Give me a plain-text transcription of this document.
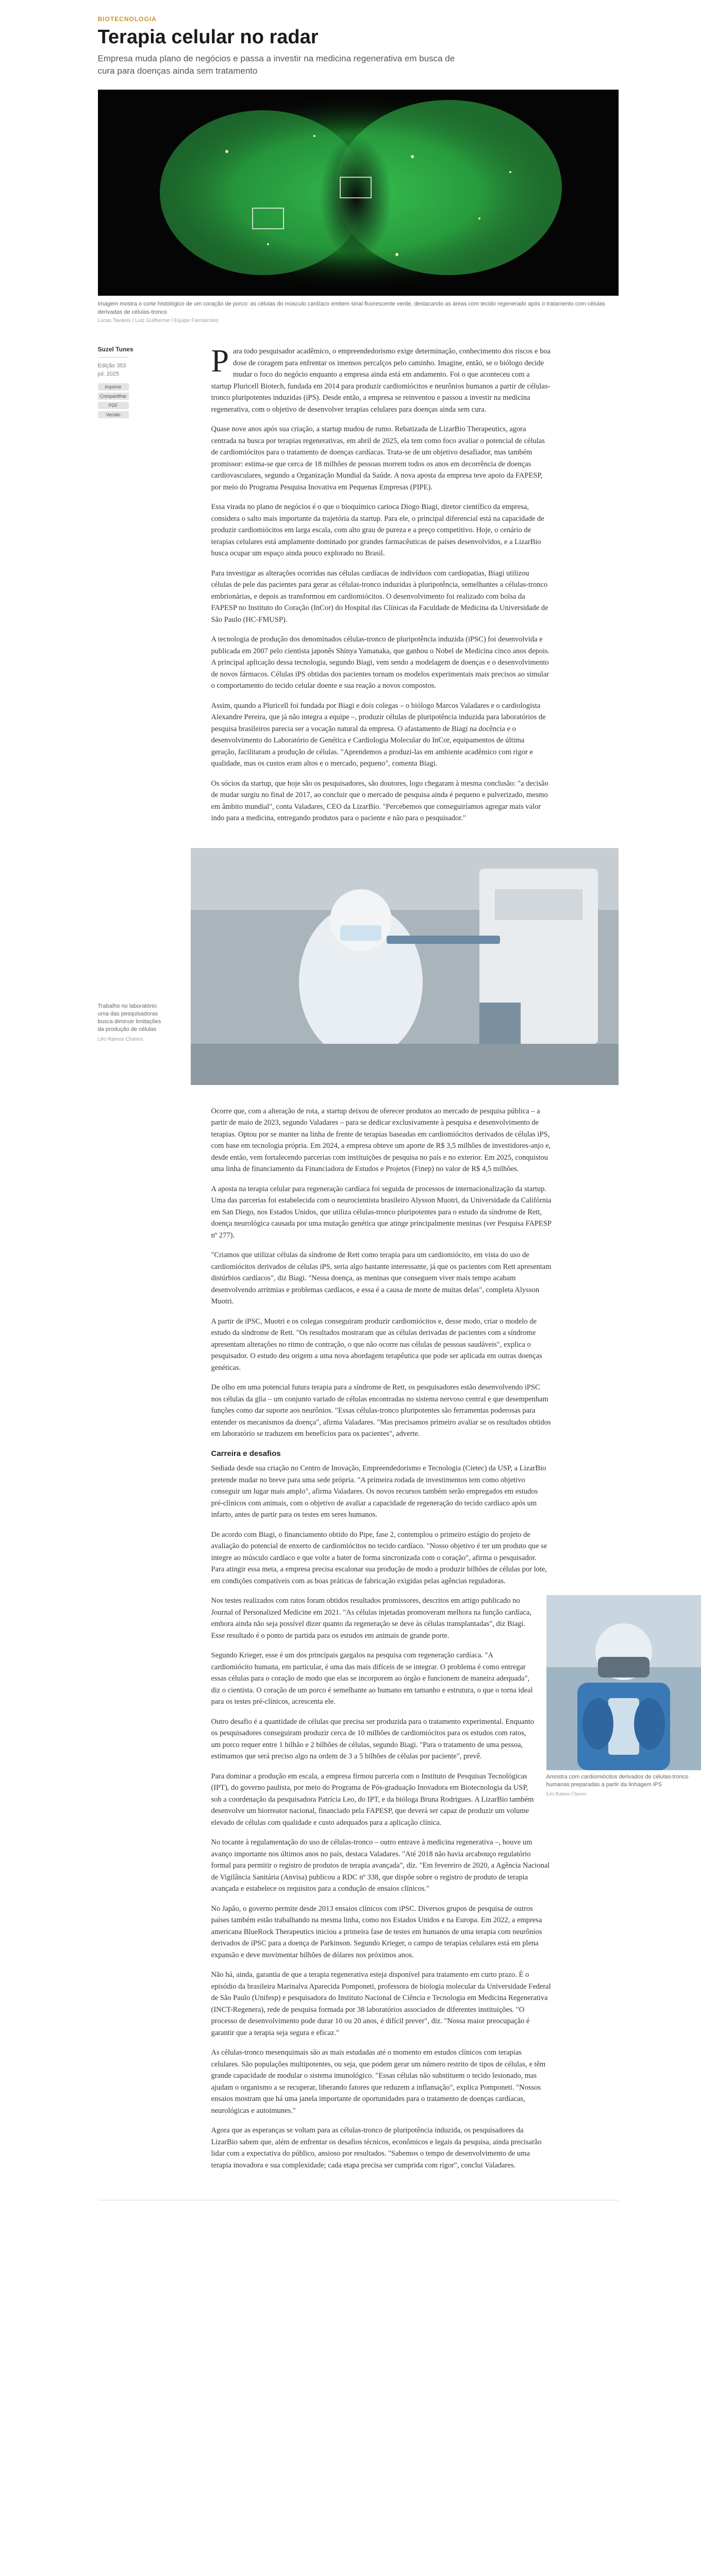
BIOTECNOLOGIA
Terapia celular no radar
Empresa muda plano de negócios e passa a investir na medicina regenerativa em busca de cura para doenças ainda sem tratamento
Imagem mostra o corte histológico de um coração de porco: as células do músculo cardíaco emitem sinal fluorescente verde, destacando as áreas com tecido regenerado após o tratamento com células derivadas de células-tronco
Lucas Tavares / Luiz Guilherme / Equipe Farmacotec
Suzel Tunes
Edição 353
jul. 2025
Imprimir
Compartilhar
PDF
Versão

Para todo pesquisador acadêmico, o empreendedorismo exige determinação, conhecimento dos riscos e boa dose de coragem para enfrentar os imensos percalços pelo caminho. Imagine, então, se o biólogo decide mudar o foco do negócio enquanto a empresa ainda está em andamento. Foi o que aconteceu com a startup Pluricell Biotech, fundada em 2014 para produzir cardiomiócitos e neurônios humanos a partir de células-tronco pluripotentes induzidas (iPS). Desde então, a empresa se reinventou e passou a investir na medicina regenerativa, com o objetivo de desenvolver terapias celulares para doenças ainda sem cura.

Quase nove anos após sua criação, a startup mudou de rumo. Rebatizada de LizarBio Therapeutics, agora centrada na busca por terapias regenerativas, em abril de 2025, ela tem como foco avaliar o potencial de células de cardiomiócitos para o tratamento de doenças cardíacas. Trata-se de um objetivo desafiador, mas também promissor: estima-se que cerca de 18 milhões de pessoas morrem todos os anos em decorrência de doenças cardiovasculares, segundo a Organização Mundial da Saúde. A nova aposta da empresa teve apoio da FAPESP, por meio do Programa Pesquisa Inovativa em Pequenas Empresas (PIPE).

Essa virada no plano de negócios é o que o bioquímico carioca Diogo Biagi, diretor científico da empresa, considera o salto mais importante da trajetória da startup. Para ele, o principal diferencial está na capacidade de produzir cardiomiócitos em larga escala, com alto grau de pureza e a preço competitivo. Hoje, o cenário de terapias celulares está amplamente dominado por grandes farmacêuticas de países desenvolvidos, e a LizarBio busca ocupar um espaço ainda pouco explorado no Brasil.

Para investigar as alterações ocorridas nas células cardíacas de indivíduos com cardiopatias, Biagi utilizou células de pele das pacientes para gerar as células-tronco induzidas à pluripotência, semelhantes a células-tronco embrionárias, e depois as transformou em cardiomiócitos. O desenvolvimento foi realizado com bolsa da FAPESP no Instituto do Coração (InCor) do Hospital das Clínicas da Faculdade de Medicina da Universidade de São Paulo (HC-FMUSP).

A tecnologia de produção dos denominados células-tronco de pluripotência induzida (iPSC) foi desenvolvida e publicada em 2007 pelo cientista japonês Shinya Yamanaka, que ganhou o Nobel de Medicina cinco anos depois. A principal aplicação dessa tecnologia, segundo Biagi, vem sendo a modelagem de doenças e o desenvolvimento de novos fármacos. Células iPS obtidas dos pacientes tornam os modelos experimentais mais precisos ao simular o comportamento do tecido celular doente e sua reação a novos compostos.

Assim, quando a Pluricell foi fundada por Biagi e dois colegas – o biólogo Marcos Valadares e o cardiologista Alexandre Pereira, que já não integra a equipe –, produzir células de pluripotência induzida para laboratórios de pesquisa brasileiros parecia ser a vocação natural da empresa. O afastamento de Biagi na docência e o desenvolvimento do Laboratório de Genética e Cardiologia Molecular do InCor, equipamentos de última geração, facilitaram a produção de células. "Aprendemos a produzi-las em ambiente acadêmico com rigor e qualidade, mas os custos eram altos e o mercado, pequeno", comenta Biagi.

Os sócios da startup, que hoje são os pesquisadores, são doutores, logo chegaram à mesma conclusão: "a decisão de mudar surgiu no final de 2017, ao concluir que o mercado de pesquisa ainda é pequeno e pulverizado, mesmo em âmbito mundial", conta Valadares, CEO da LizarBio. "Percebemos que conseguiríamos agregar mais valor indo para a medicina, entregando produtos para o paciente e não para o pesquisador."

Trabalho no laboratório: uma das pesquisadoras busca diminuir limitações da produção de células
Léo Ramos Chaves

Ocorre que, com a alteração de rota, a startup deixou de oferecer produtos ao mercado de pesquisa pública – a partir de maio de 2023, segundo Valadares – para se dedicar exclusivamente à pesquisa e desenvolvimento de terapias. Optou por se manter na linha de frente de terapias baseadas em cardiomiócitos derivados de células iPS, com base em tecnologia própria. Em 2024, a empresa obteve um aporte de R$ 3,5 milhões de investidores-anjo e, desde então, vem fortalecendo parcerias com instituições de pesquisa no país e no exterior. Em 2025, conquistou uma linha de financiamento da Financiadora de Estudos e Projetos (Finep) no valor de R$ 4,5 milhões.

A aposta na terapia celular para regeneração cardíaca foi seguida de processos de internacionalização da startup. Uma das parcerias foi estabelecida com o neurocientista brasileiro Alysson Muotri, da Universidade da Califórnia em San Diego, nos Estados Unidos, que utiliza células-tronco pluripotentes para o estudo da síndrome de Rett, doença neurológica causada por uma mutação genética que atinge principalmente meninas (ver Pesquisa FAPESP nº 277).

"Criamos que utilizar células da síndrome de Rett como terapia para um cardiomiócito, em vista do uso de cardiomiócitos derivados de células iPS, seria algo bastante interessante, já que os pacientes com Rett apresentam distúrbios cardíacos", diz Biagi. "Nessa doença, as meninas que conseguem viver mais tempo acabam desenvolvendo arritmias e problemas cardíacos, e essa é a causa de morte de muitas delas", completa Alysson Muotri.

A partir de iPSC, Muotri e os colegas conseguiram produzir cardiomiócitos e, desse modo, criar o modelo de estudo da síndrome de Rett. "Os resultados mostraram que as células derivadas de pacientes com a síndrome apresentam alterações no ritmo de contração, o que não ocorre nas células de pessoas saudáveis", explica o pesquisador. O estudo deu origem a uma nova abordagem terapêutica que pode ser aplicada em outras doenças genéticas.

De olho em uma potencial futura terapia para a síndrome de Rett, os pesquisadores estão desenvolvendo iPSC nos células da glia – um conjunto variado de células encontradas no sistema nervoso central e que desempenham funções como dar suporte aos neurônios. "Essas células-tronco pluripotentes são ferramentas poderosas para entender os mecanismos da doença", afirma Valadares. "Mas precisamos primeiro avaliar se os resultados obtidos em laboratório se traduzem em benefícios para os pacientes", adverte.

Carreira e desafios

Sediada desde sua criação no Centro de Inovação, Empreendedorismo e Tecnologia (Cietec) da USP, a LizarBio pretende mudar no breve para uma sede própria. "A primeira rodada de investimentos tem como objetivo conseguir um lugar mais amplo", afirma Valadares. Os novos recursos também serão empregados em estudos pré-clínicos com animais, com o objetivo de avaliar a capacidade de regeneração do tecido cardíaco após um infarto, antes de partir para os testes em seres humanos.

De acordo com Biagi, o financiamento obtido do Pipe, fase 2, contemplou o primeiro estágio do projeto de avaliação do potencial de enxerto de cardiomiócitos no tecido cardíaco. "Nosso objetivo é ter um produto que se integre ao músculo cardíaco e que volte a bater de forma sincronizada com o coração", afirma o pesquisador. Para atingir essa meta, a empresa precisa escalonar sua produção de modo a produzir bilhões de células por lote, em condições compatíveis com as boas práticas de fabricação exigidas pelas agências reguladoras.

Amostra com cardiomiócitos derivados de células-tronco humanas preparadas a partir da linhagem iPS
Léo Ramos Chaves

Nos testes realizados com ratos foram obtidos resultados promissores, descritos em artigo publicado no Journal of Personalized Medicine em 2021. "As células injetadas promoveram melhora na função cardíaca, embora ainda não seja possível dizer quanto da regeneração se deve às células transplantadas", diz Biagi. Esse resultado é o ponto de partida para os estudos em animais de grande porte.

Segundo Krieger, esse é um dos principais gargalos na pesquisa com regeneração cardíaca. "A cardiomiócito humana, em particular, é uma das mais difíceis de se integrar. O problema é como entregar essas células para o coração de modo que elas se incorporem ao órgão e funcionem de maneira adequada", diz o cientista. O coração de um porco é semelhante ao humano em tamanho e estrutura, o que o torna ideal para os testes pré-clínicos, acrescenta ele.

Outro desafio é a quantidade de células que precisa ser produzida para o tratamento experimental. Enquanto os pesquisadores conseguiram produzir cerca de 10 milhões de cardiomiócitos para os estudos com ratos, um porco requer entre 1 bilhão e 2 bilhões de células, segundo Biagi. "Para o tratamento de uma pessoa, estimamos que será preciso algo na ordem de 3 a 5 bilhões de células por paciente", prevê.

Para dominar a produção em escala, a empresa firmou parceria com o Instituto de Pesquisas Tecnológicas (IPT), do governo paulista, por meio do Programa de Pós-graduação Inovadora em Biotecnologia da USP, sob a coordenação da pesquisadora Patrícia Leo, do IPT, e da bióloga Bruna Rodrigues. A LizarBio também desenvolve um biorreator nacional, financiado pela FAPESP, que deverá ser capaz de produzir um volume elevado de células com qualidade e custo adequados para a aplicação clínica.

No tocante à regulamentação do uso de células-tronco – outro entrave à medicina regenerativa –, houve um avanço importante nos últimos anos no país, destaca Valadares. "Até 2018 não havia arcabouço regulatório formal para permitir o registro de produtos de terapia avançada", diz. "Em fevereiro de 2020, a Agência Nacional de Vigilância Sanitária (Anvisa) publicou a RDC nº 338, que dispõe sobre o registro de produto de terapia avançada e estabelece os requisitos para a condução de ensaios clínicos."

No Japão, o governo permite desde 2013 ensaios clínicos com iPSC. Diversos grupos de pesquisa de outros países também estão trabalhando na mesma linha, como nos Estados Unidos e na Europa. Em 2022, a empresa americana BlueRock Therapeutics iniciou a primeira fase de testes em humanos de uma terapia com neurônios derivados de iPSC para a doença de Parkinson. Segundo Krieger, o campo de terapias celulares está em plena expansão e deve movimentar bilhões de dólares nos próximos anos.

Não há, ainda, garantia de que a terapia regenerativa esteja disponível para tratamento em curto prazo. É o episódio da brasileira Marinalva Aparecida Pomponeti, professora de biologia molecular da Universidade Federal de São Paulo (Unifesp) e pesquisadora do Instituto Nacional de Ciência e Tecnologia em Medicina Regenerativa (INCT-Regenera), rede de pesquisa formada por 38 laboratórios associados de diferentes instituições. "O processo de desenvolvimento pode durar 10 ou 20 anos, é difícil prever", diz. "Nossa maior preocupação é garantir que a terapia seja segura e eficaz."

As células-tronco mesenquimais são as mais estudadas até o momento em estudos clínicos com terapias celulares. São populações multipotentes, ou seja, que podem gerar um número restrito de tipos de células, e têm grande capacidade de modular o sistema imunológico. "Essas células não substituem o tecido lesionado, mas ajudam o organismo a se recuperar, liberando fatores que reduzem a inflamação", explica Pomponeti. "Nossos ensaios mostram que há uma janela importante de oportunidades para o tratamento de doenças cardíacas, neurológicas e autoimunes."

Agora que as esperanças se voltam para as células-tronco de pluripotência induzida, os pesquisadores da LizarBio sabem que, além de enfrentar os desafios técnicos, econômicos e legais da pesquisa, ainda precisarão lidar com a expectativa do público, ansioso por resultados. "Sabemos o tempo de desenvolvimento de uma terapia inovadora e sua complexidade; cada etapa precisa ser cumprida com rigor", conclui Valadares.
